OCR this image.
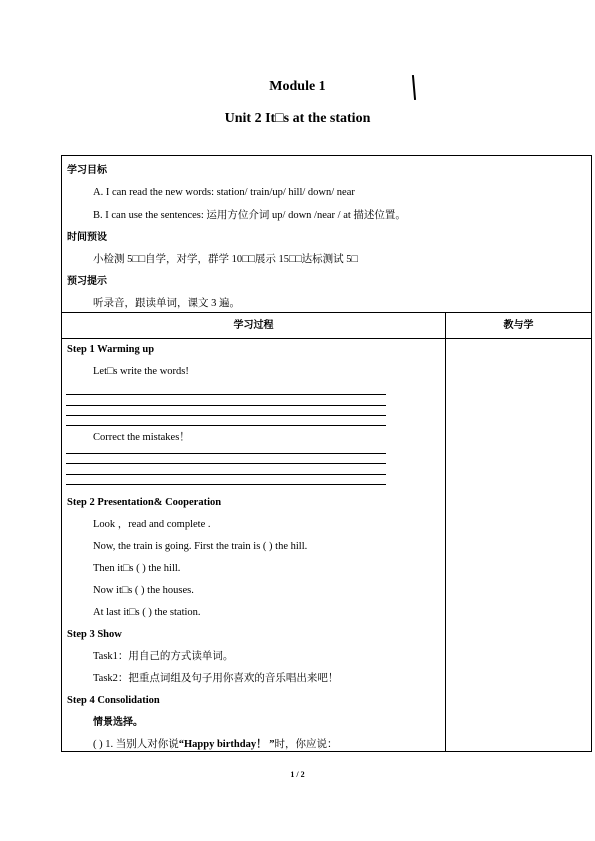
Module 1
Unit 2 It□s at the station
学习目标
A. I can read the new words: station/ train/up/ hill/ down/ near
B. I can use the sentences: 运用方位介词 up/ down /near / at 描述位置。
时间预设
小检测 5□□自学，对学，群学 10□□展示 15□□达标测试 5□
预习提示
听录音，跟读单词，课文 3 遍。
学习过程	教与学
Step 1 Warming up
Let□s write the words!
Correct the mistakes！
Step 2 Presentation& Cooperation
Look ，read and complete .
Now, the train is going. First the train is ( ) the hill.
Then it□s ( ) the hill.
Now it□s ( ) the houses.
At last it□s ( ) the station.
Step 3 Show
Task1：用自己的方式读单词。
Task2：把重点词组及句子用你喜欢的音乐唱出来吧！
Step 4 Consolidation
情景选择。
( ) 1. 当别人对你说“Happy birthday！ ”时，你应说：
1 / 2
